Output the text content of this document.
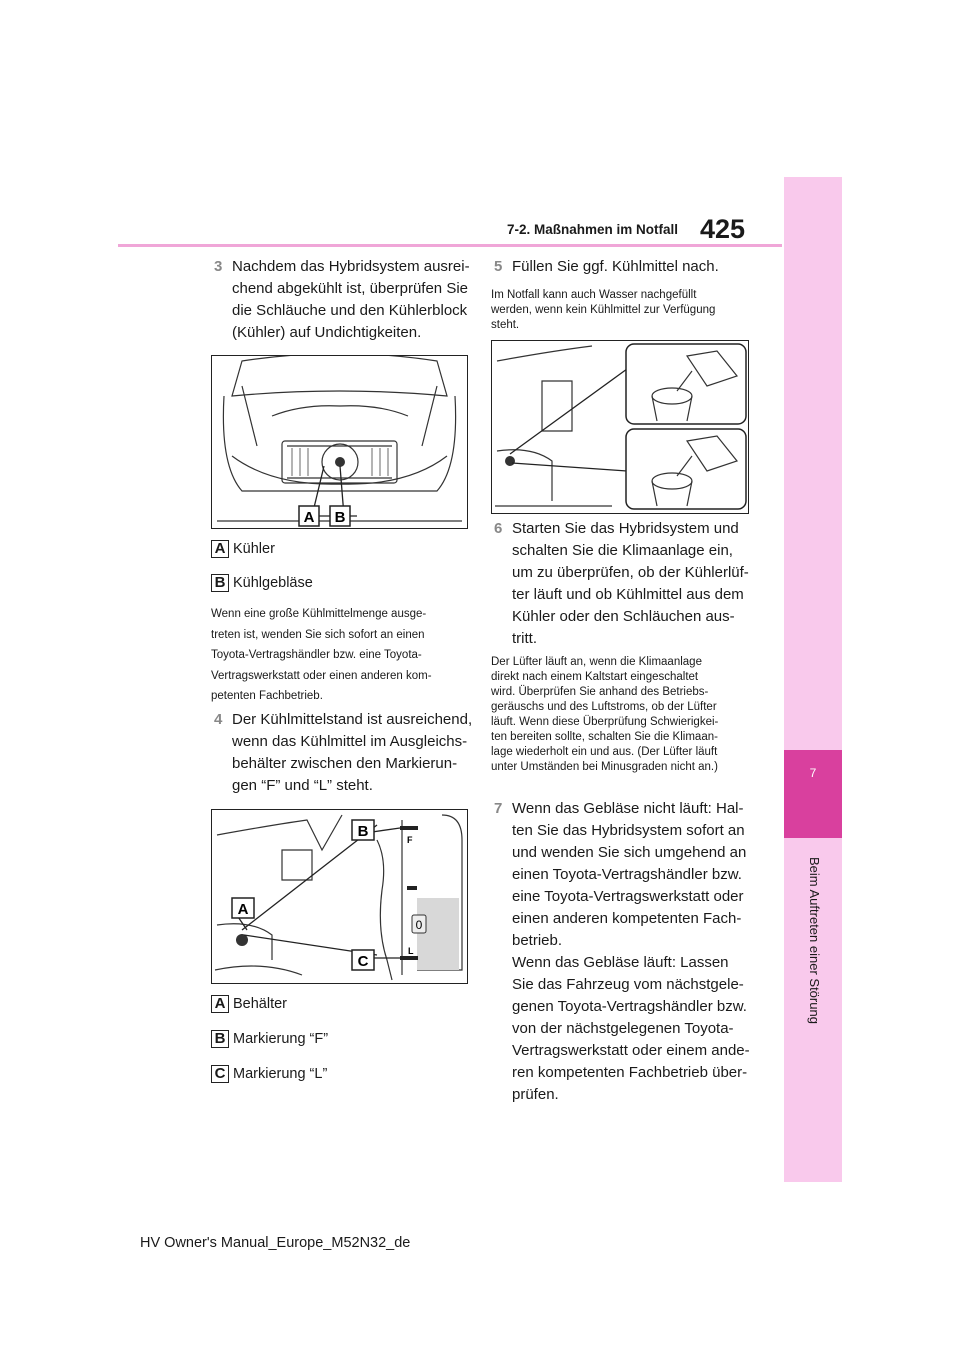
7-2. Maßnahmen im Notfall 425
7
Beim Auftreten einer Störung
3 Nachdem das Hybridsystem ausrei-
chend abgekühlt ist, überprüfen Sie
die Schläuche und den Kühlerblock
(Kühler) auf Undichtigkeiten.
A B
A Kühler
B Kühlgebläse
Wenn eine große Kühlmittelmenge ausge-
treten ist, wenden Sie sich sofort an einen
Toyota-Vertragshändler bzw. eine Toyota-
Vertragswerkstatt oder einen anderen kom-
petenten Fachbetrieb.
4 Der Kühlmittelstand ist ausreichend,
wenn das Kühlmittel im Ausgleichs-
behälter zwischen den Markierun-
gen “F” und “L” steht.
0
F
L
A
B
C
A Behälter
B Markierung “F”
C Markierung “L”
5 Füllen Sie ggf. Kühlmittel nach.
Im Notfall kann auch Wasser nachgefüllt
werden, wenn kein Kühlmittel zur Verfügung
steht.
6 Starten Sie das Hybridsystem und
schalten Sie die Klimaanlage ein,
um zu überprüfen, ob der Kühlerlüf-
ter läuft und ob Kühlmittel aus dem
Kühler oder den Schläuchen aus-
tritt.
Der Lüfter läuft an, wenn die Klimaanlage
direkt nach einem Kaltstart eingeschaltet
wird. Überprüfen Sie anhand des Betriebs-
geräuschs und des Luftstroms, ob der Lüfter
läuft. Wenn diese Überprüfung Schwierigkei-
ten bereiten sollte, schalten Sie die Klimaan-
lage wiederholt ein und aus. (Der Lüfter läuft
unter Umständen bei Minusgraden nicht an.)
7 Wenn das Gebläse nicht läuft: Hal-
ten Sie das Hybridsystem sofort an
und wenden Sie sich umgehend an
einen Toyota-Vertragshändler bzw.
eine Toyota-Vertragswerkstatt oder
einen anderen kompetenten Fach-
betrieb.
Wenn das Gebläse läuft: Lassen
Sie das Fahrzeug vom nächstgele-
genen Toyota-Vertragshändler bzw.
von der nächstgelegenen Toyota-
Vertragswerkstatt oder einem ande-
ren kompetenten Fachbetrieb über-
prüfen.
HV Owner's Manual_Europe_M52N32_de
